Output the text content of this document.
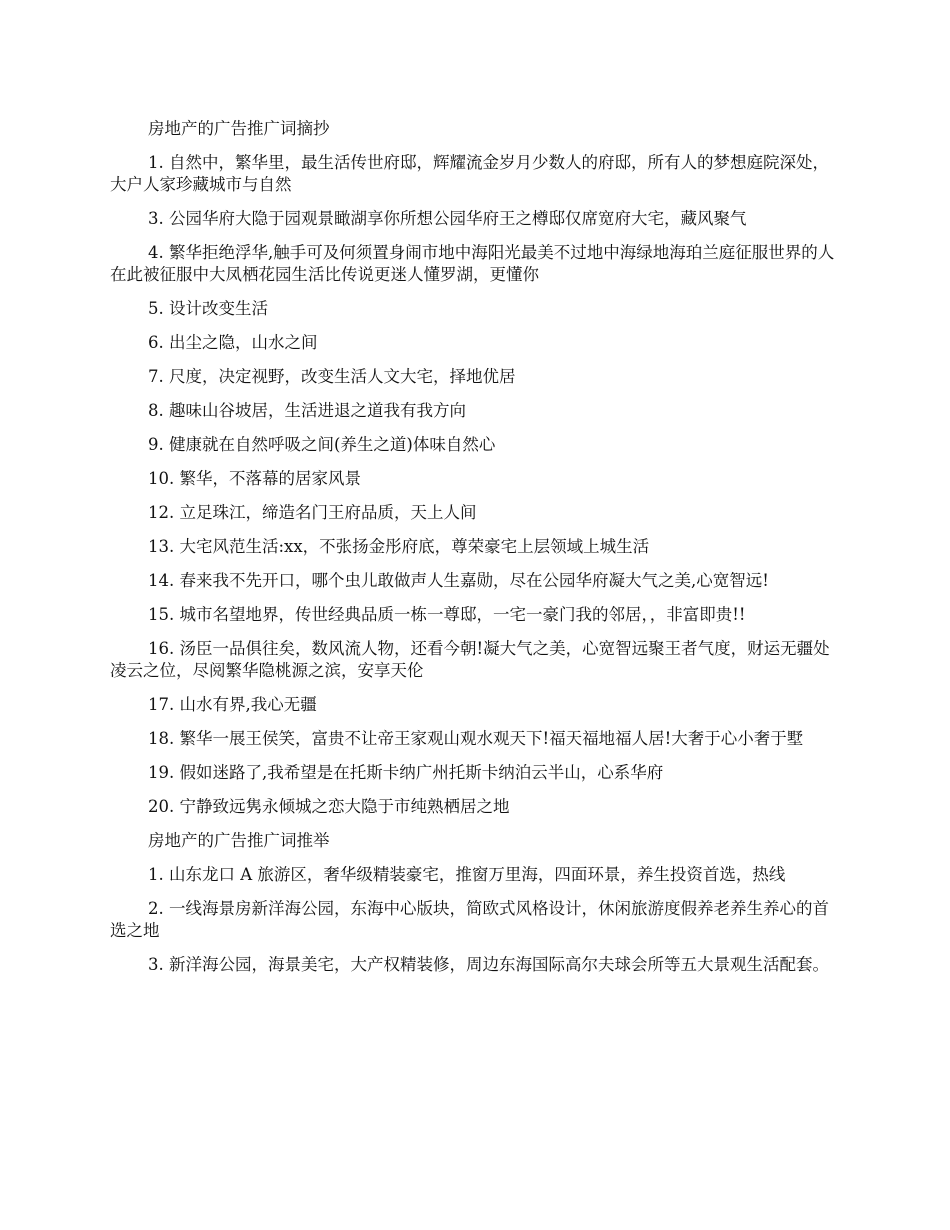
房地产的广告推广词摘抄

1. 自然中，繁华里，最生活传世府邸，辉耀流金岁月少数人的府邸，所有人的梦想庭院深处，大户人家珍藏城市与自然

3. 公园华府大隐于园观景瞰湖享你所想公园华府王之樽邸仅席宽府大宅，藏风聚气

4. 繁华拒绝浮华,触手可及何须置身闹市地中海阳光最美不过地中海绿地海珀兰庭征服世界的人在此被征服中大凤栖花园生活比传说更迷人懂罗湖，更懂你

5. 设计改变生活

6. 出尘之隐，山水之间

7. 尺度，决定视野，改变生活人文大宅，择地优居

8. 趣味山谷坡居，生活进退之道我有我方向

9. 健康就在自然呼吸之间(养生之道)体味自然心

10. 繁华，不落幕的居家风景

12. 立足珠江，缔造名门王府品质，天上人间

13. 大宅风范生活:xx，不张扬金彤府底，尊荣豪宅上层领域上城生活

14. 春来我不先开口，哪个虫儿敢做声人生嘉勋，尽在公园华府凝大气之美,心宽智远!

15. 城市名望地界，传世经典品质一栋一尊邸，一宅一豪门我的邻居，，非富即贵!!

16. 汤臣一品俱往矣，数风流人物，还看今朝!凝大气之美，心宽智远聚王者气度，财运无疆处凌云之位，尽阅繁华隐桃源之滨，安享天伦

17. 山水有界,我心无疆

18. 繁华一展王侯笑，富贵不让帝王家观山观水观天下!福天福地福人居!大奢于心小奢于墅

19. 假如迷路了,我希望是在托斯卡纳广州托斯卡纳泊云半山，心系华府

20. 宁静致远隽永倾城之恋大隐于市纯熟栖居之地

房地产的广告推广词推举

1. 山东龙口 A 旅游区，奢华级精装豪宅，推窗万里海，四面环景，养生投资首选，热线

2. 一线海景房新洋海公园，东海中心版块，简欧式风格设计，休闲旅游度假养老养生养心的首选之地

3. 新洋海公园，海景美宅，大产权精装修，周边东海国际高尔夫球会所等五大景观生活配套。
